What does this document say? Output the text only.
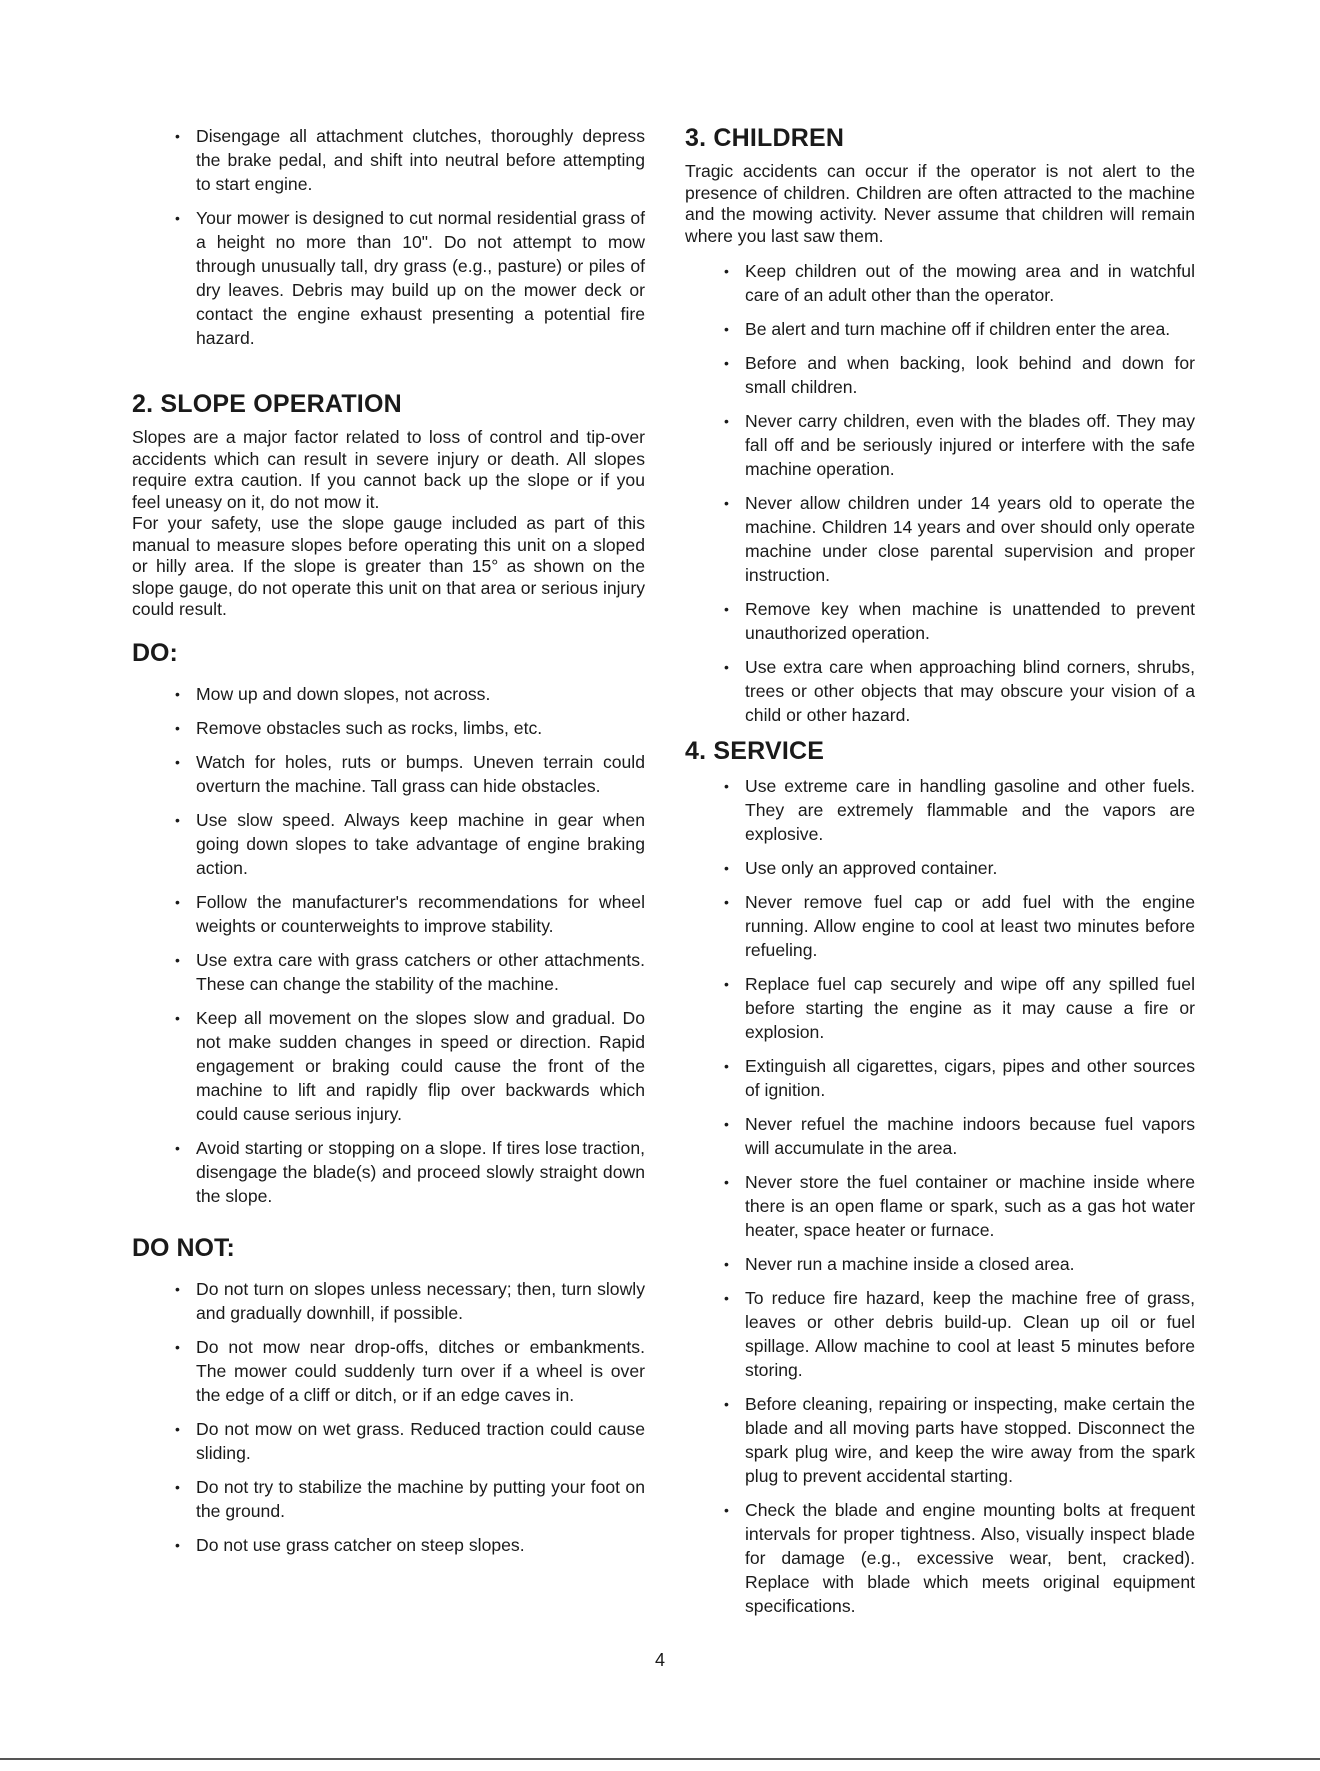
• Disengage all attachment clutches, thoroughly depress the brake pedal, and shift into neutral before attempting to start engine.
• Your mower is designed to cut normal residential grass of a height no more than 10". Do not attempt to mow through unusually tall, dry grass (e.g., pasture) or piles of dry leaves. Debris may build up on the mower deck or contact the engine exhaust presenting a potential fire hazard.
2. SLOPE OPERATION

Slopes are a major factor related to loss of control and tip-over accidents which can result in severe injury or death. All slopes require extra caution. If you cannot back up the slope or if you feel uneasy on it, do not mow it.

For your safety, use the slope gauge included as part of this manual to measure slopes before operating this unit on a sloped or hilly area. If the slope is greater than 15° as shown on the slope gauge, do not operate this unit on that area or serious injury could result.

DO:
• Mow up and down slopes, not across.
• Remove obstacles such as rocks, limbs, etc.
• Watch for holes, ruts or bumps. Uneven terrain could overturn the machine. Tall grass can hide obstacles.
• Use slow speed. Always keep machine in gear when going down slopes to take advantage of engine braking action.
• Follow the manufacturer's recommendations for wheel weights or counterweights to improve stability.
• Use extra care with grass catchers or other attachments. These can change the stability of the machine.
• Keep all movement on the slopes slow and gradual. Do not make sudden changes in speed or direction. Rapid engagement or braking could cause the front of the machine to lift and rapidly flip over backwards which could cause serious injury.
• Avoid starting or stopping on a slope. If tires lose traction, disengage the blade(s) and proceed slowly straight down the slope.
DO NOT:
• Do not turn on slopes unless necessary; then, turn slowly and gradually downhill, if possible.
• Do not mow near drop-offs, ditches or embankments. The mower could suddenly turn over if a wheel is over the edge of a cliff or ditch, or if an edge caves in.
• Do not mow on wet grass. Reduced traction could cause sliding.
• Do not try to stabilize the machine by putting your foot on the ground.
• Do not use grass catcher on steep slopes.
3. CHILDREN

Tragic accidents can occur if the operator is not alert to the presence of children. Children are often attracted to the machine and the mowing activity. Never assume that children will remain where you last saw them.

• Keep children out of the mowing area and in watchful care of an adult other than the operator.
• Be alert and turn machine off if children enter the area.
• Before and when backing, look behind and down for small children.
• Never carry children, even with the blades off. They may fall off and be seriously injured or interfere with the safe machine operation.
• Never allow children under 14 years old to operate the machine. Children 14 years and over should only operate machine under close parental supervision and proper instruction.
• Remove key when machine is unattended to prevent unauthorized operation.
• Use extra care when approaching blind corners, shrubs, trees or other objects that may obscure your vision of a child or other hazard.
4. SERVICE
• Use extreme care in handling gasoline and other fuels. They are extremely flammable and the vapors are explosive.
• Use only an approved container.
• Never remove fuel cap or add fuel with the engine running. Allow engine to cool at least two minutes before refueling.
• Replace fuel cap securely and wipe off any spilled fuel before starting the engine as it may cause a fire or explosion.
• Extinguish all cigarettes, cigars, pipes and other sources of ignition.
• Never refuel the machine indoors because fuel vapors will accumulate in the area.
• Never store the fuel container or machine inside where there is an open flame or spark, such as a gas hot water heater, space heater or furnace.
• Never run a machine inside a closed area.
• To reduce fire hazard, keep the machine free of grass, leaves or other debris build-up. Clean up oil or fuel spillage. Allow machine to cool at least 5 minutes before storing.
• Before cleaning, repairing or inspecting, make certain the blade and all moving parts have stopped. Disconnect the spark plug wire, and keep the wire away from the spark plug to prevent accidental starting.
• Check the blade and engine mounting bolts at frequent intervals for proper tightness. Also, visually inspect blade for damage (e.g., excessive wear, bent, cracked). Replace with blade which meets original equipment specifications.
4
